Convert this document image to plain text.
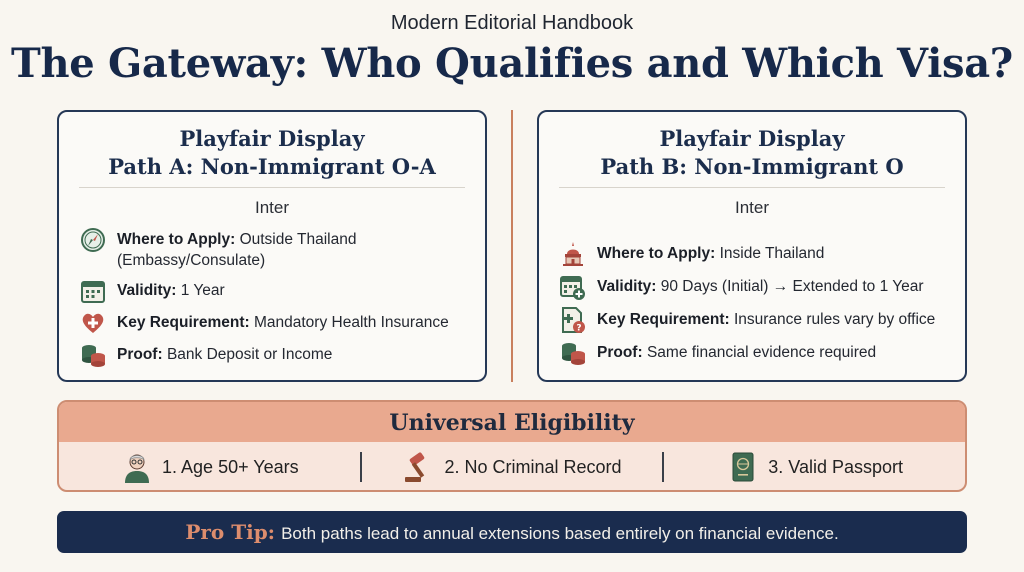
Modern Editorial Handbook
The Gateway: Who Qualifies and Which Visa?
Playfair Display
Path A: Non-Immigrant O-A
Inter
Where to Apply: Outside Thailand (Embassy/Consulate)
Validity: 1 Year
Key Requirement: Mandatory Health Insurance
Proof: Bank Deposit or Income
Playfair Display
Path B: Non-Immigrant O
Inter
Where to Apply: Inside Thailand
Validity: 90 Days (Initial) → Extended to 1 Year
?
Key Requirement: Insurance rules vary by office
Proof: Same financial evidence required
Universal Eligibility
1. Age 50+ Years	2. No Criminal Record	3. Valid Passport
Pro Tip: Both paths lead to annual extensions based entirely on financial evidence.
